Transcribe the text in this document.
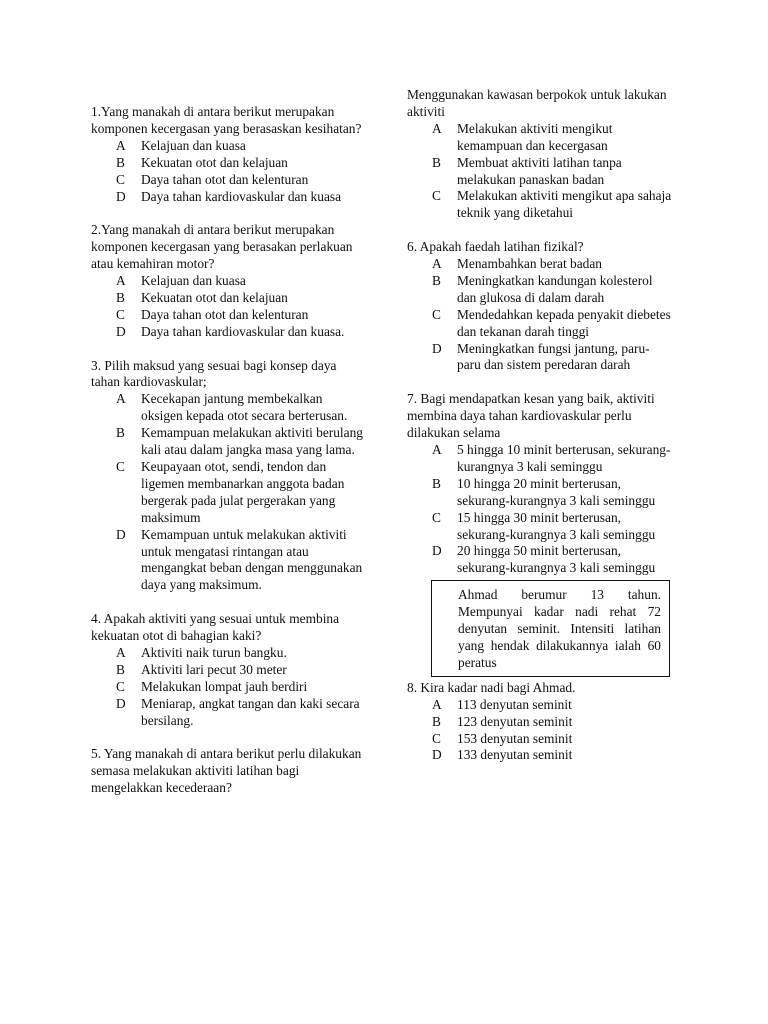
1.Yang manakah di antara berikut merupakan komponen kecergasan yang berasaskan kesihatan?
A	Kelajuan dan kuasa
B	Kekuatan otot dan kelajuan
C	Daya tahan otot dan kelenturan
D	Daya tahan kardiovaskular dan kuasa
2.Yang manakah di antara berikut merupakan komponen kecergasan yang berasakan perlakuan atau kemahiran motor?
A	Kelajuan dan kuasa
B	Kekuatan otot dan kelajuan
C	Daya tahan otot dan kelenturan
D	Daya tahan kardiovaskular dan kuasa.
3. Pilih maksud yang sesuai bagi konsep daya tahan kardiovaskular;
A	Kecekapan jantung membekalkan oksigen kepada otot secara berterusan.
B	Kemampuan melakukan aktiviti berulang kali atau dalam jangka masa yang lama.
C	Keupayaan otot, sendi, tendon dan ligemen membanarkan anggota badan bergerak pada julat pergerakan yang maksimum
D	Kemampuan untuk melakukan aktiviti untuk mengatasi rintangan atau mengangkat beban dengan menggunakan daya yang maksimum.
4. Apakah aktiviti yang sesuai untuk membina kekuatan otot di bahagian kaki?
A	Aktiviti naik turun bangku.
B	Aktiviti lari pecut 30 meter
C	Melakukan lompat jauh berdiri
D	Meniarap, angkat tangan dan kaki secara bersilang.
5. Yang manakah di antara berikut perlu dilakukan semasa melakukan aktiviti latihan bagi mengelakkan kecederaan?
Menggunakan kawasan berpokok untuk lakukan aktiviti
A	Melakukan aktiviti mengikut kemampuan dan kecergasan
B	Membuat aktiviti latihan tanpa melakukan panaskan badan
C	Melakukan aktiviti mengikut apa sahaja teknik yang diketahui
6. Apakah faedah latihan fizikal?
A	Menambahkan berat badan
B	Meningkatkan kandungan kolesterol dan glukosa di dalam darah
C	Mendedahkan kepada penyakit diebetes dan tekanan darah tinggi
D	Meningkatkan fungsi jantung, paru-paru dan sistem peredaran darah
7. Bagi mendapatkan kesan yang baik, aktiviti membina daya tahan kardiovaskular perlu dilakukan selama
A	5 hingga 10 minit berterusan, sekurang-kurangnya 3 kali seminggu
B	10 hingga 20 minit berterusan, sekurang-kurangnya 3 kali seminggu
C	15 hingga 30 minit berterusan, sekurang-kurangnya 3 kali seminggu
D	20 hingga 50 minit berterusan, sekurang-kurangnya 3 kali seminggu
Ahmad berumur 13 tahun. Mempunyai kadar nadi rehat 72 denyutan seminit. Intensiti latihan yang hendak dilakukannya ialah 60 peratus
8. Kira kadar nadi bagi Ahmad.
A	113 denyutan seminit
B	123 denyutan seminit
C	153 denyutan seminit
D	133 denyutan seminit
